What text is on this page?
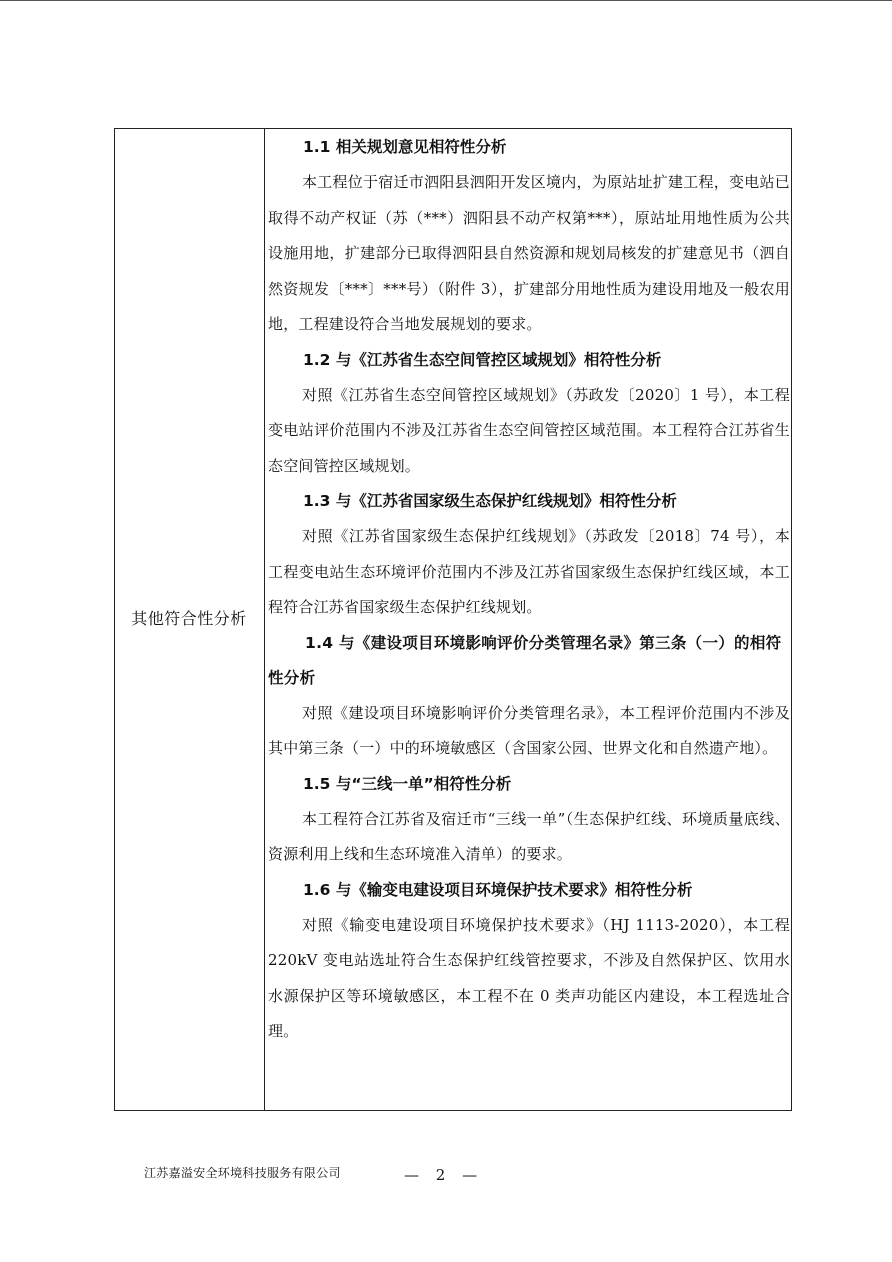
其他符合性分析

1.1 相关规划意见相符性分析

本工程位于宿迁市泗阳县泗阳开发区境内，为原站址扩建工程，变电站已取得不动产权证（苏（***）泗阳县不动产权第***），原站址用地性质为公共设施用地，扩建部分已取得泗阳县自然资源和规划局核发的扩建意见书（泗自然资规发〔***〕***号）（附件 3），扩建部分用地性质为建设用地及一般农用地，工程建设符合当地发展规划的要求。

1.2 与《江苏省生态空间管控区域规划》相符性分析

对照《江苏省生态空间管控区域规划》（苏政发〔2020〕1 号），本工程变电站评价范围内不涉及江苏省生态空间管控区域范围。本工程符合江苏省生态空间管控区域规划。

1.3 与《江苏省国家级生态保护红线规划》相符性分析

对照《江苏省国家级生态保护红线规划》（苏政发〔2018〕74 号），本工程变电站生态环境评价范围内不涉及江苏省国家级生态保护红线区域，本工程符合江苏省国家级生态保护红线规划。

1.4 与《建设项目环境影响评价分类管理名录》第三条（一）的相符性分析

对照《建设项目环境影响评价分类管理名录》，本工程评价范围内不涉及其中第三条（一）中的环境敏感区（含国家公园、世界文化和自然遗产地）。

1.5 与“三线一单”相符性分析

本工程符合江苏省及宿迁市“三线一单”（生态保护红线、环境质量底线、资源利用上线和生态环境准入清单）的要求。

1.6 与《输变电建设项目环境保护技术要求》相符性分析

对照《输变电建设项目环境保护技术要求》（HJ 1113-2020），本工程 220kV 变电站选址符合生态保护红线管控要求，不涉及自然保护区、饮用水水源保护区等环境敏感区，本工程不在 0 类声功能区内建设，本工程选址合理。

江苏嘉溢安全环境科技服务有限公司	— 2 —
